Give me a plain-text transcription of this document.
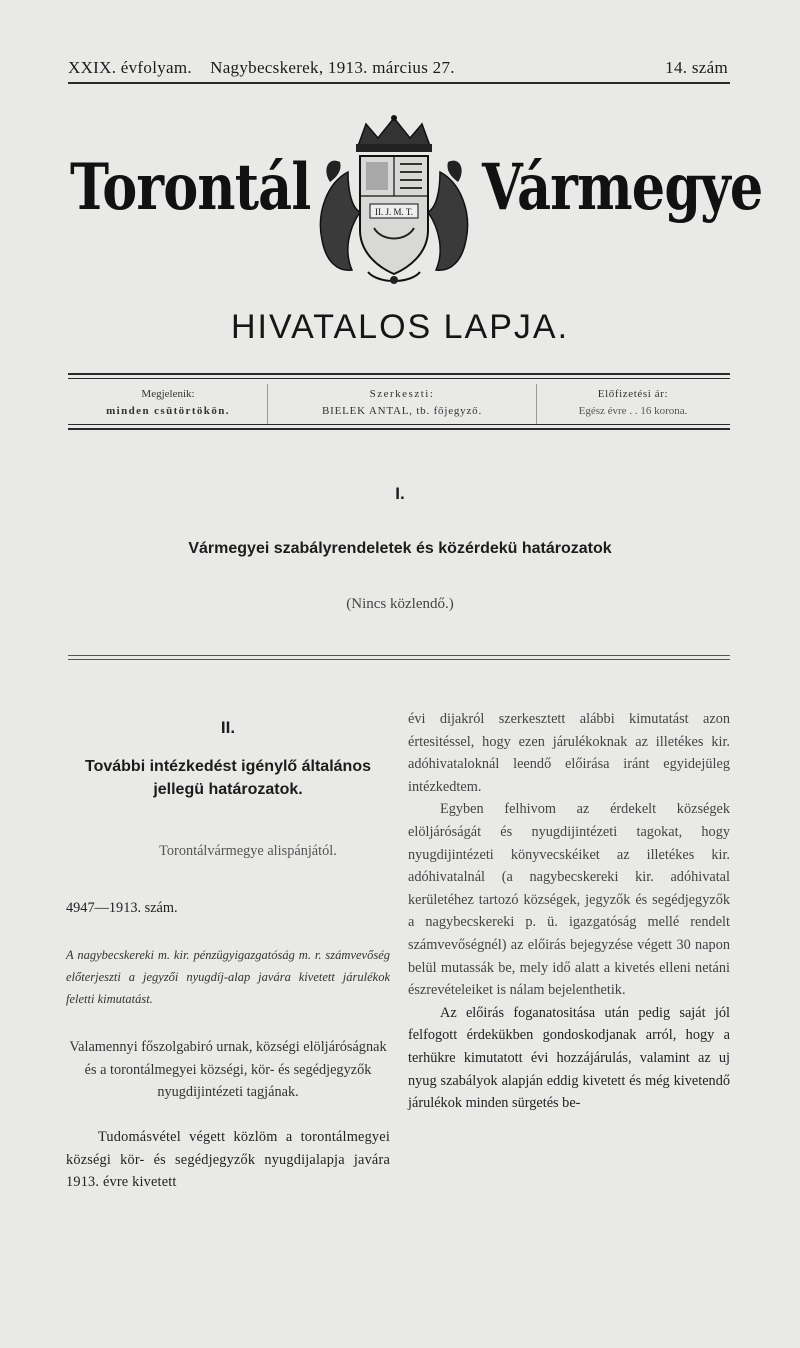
XXIX. évfolyam.    Nagybecskerek, 1913. március 27.	14. szám
Torontál	Vármegye
II. J. M. T.
HIVATALOS LAPJA.
Megjelenik:
minden csütörtökön.
Szerkeszti:
BIELEK ANTAL, tb. főjegyző.
Előfizetési ár:
Egész évre . . 16 korona.
I.
Vármegyei szabályrendeletek és közérdekü határozatok
(Nincs közlendő.)
II.
További intézkedést igénylő általános
jellegü határozatok.

Torontálvármegye alispánjától.

4947—1913. szám.

A nagybecskereki m. kir. pénzügyigazgatóság m. r. számvevőség előterjeszti a jegyzői nyugdíj-alap javára kivetett járulékok feletti kimutatást.

Valamennyi főszolgabiró urnak, községi elöljáróságnak és a torontálmegyei községi, kör- és segédjegyzők nyugdijintézeti tagjának.

Tudomásvétel végett közlöm a torontálmegyei községi kör- és segédjegyzők nyugdijalapja javára 1913. évre kivetett

évi dijakról szerkesztett alábbi kimutatást azon értesitéssel, hogy ezen járulékoknak az illetékes kir. adóhivataloknál leendő előirása iránt egyidejüleg intézkedtem.

Egyben felhivom az érdekelt községek elöljáróságát és nyugdijintézeti tagokat, hogy nyugdijintézeti könyvecskéiket az illetékes kir. adóhivatalnál (a nagybecskereki kir. adóhivatal kerületéhez tartozó községek, jegyzők és segédjegyzők a nagybecskereki p. ü. igazgatóság mellé rendelt számvevőségnél) az előirás bejegyzése végett 30 napon belül mutassák be, mely idő alatt a kivetés elleni netáni észrevételeiket is nálam bejelenthetik.

Az előirás foganatositása után pedig saját jól felfogott érdekükben gondoskodjanak arról, hogy a terhükre kimutatott évi hozzájárulás, valamint az uj nyug szabályok alapján eddig kivetett és még kivetendő járulékok minden sürgetés be-
